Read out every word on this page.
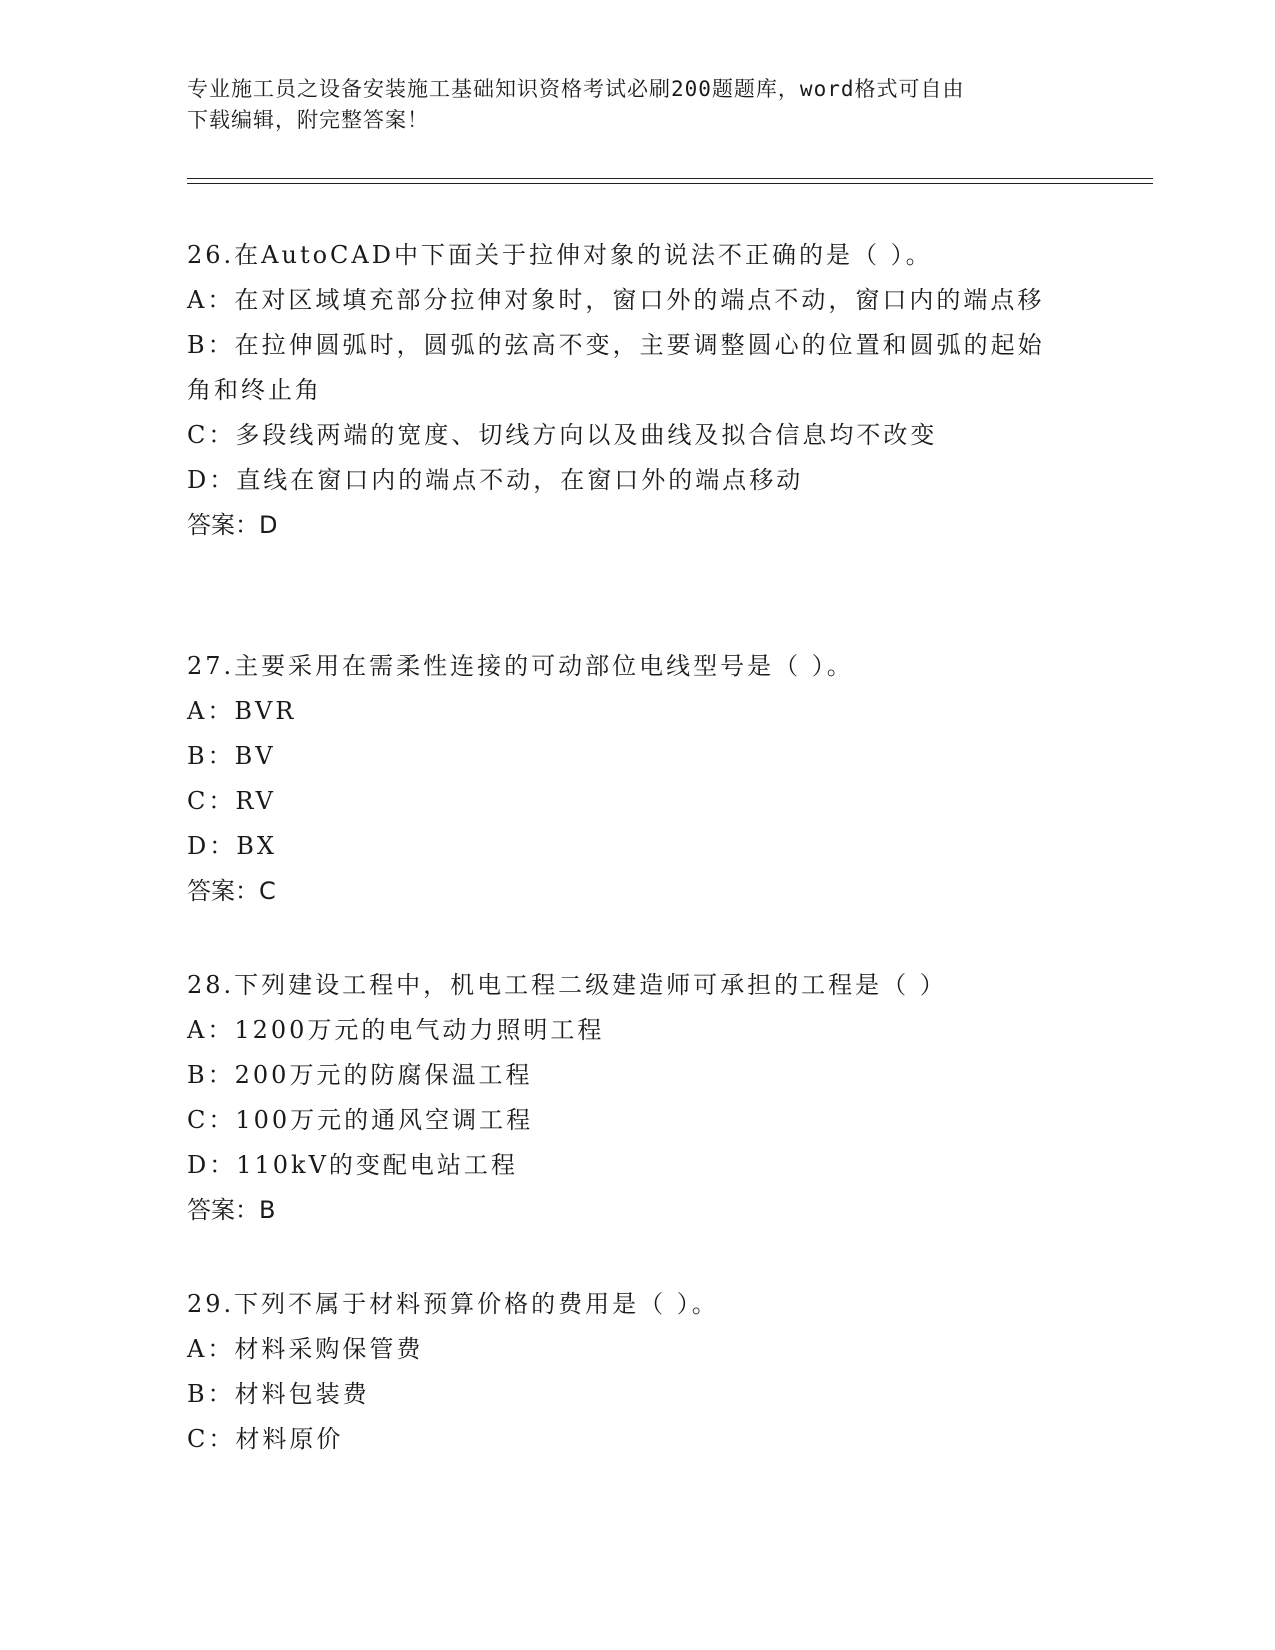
专业施工员之设备安装施工基础知识资格考试必刷200题题库，word格式可自由
下载编辑，附完整答案！
26.在AutoCAD中下面关于拉伸对象的说法不正确的是（ ）。
A：在对区域填充部分拉伸对象时，窗口外的端点不动，窗口内的端点移
B：在拉伸圆弧时，圆弧的弦高不变，主要调整圆心的位置和圆弧的起始角和终止角
C：多段线两端的宽度、切线方向以及曲线及拟合信息均不改变
D：直线在窗口内的端点不动，在窗口外的端点移动
答案：D
27.主要采用在需柔性连接的可动部位电线型号是（ ）。
A：BVR
B：BV
C：RV
D：BX
答案：C
28.下列建设工程中，机电工程二级建造师可承担的工程是（ ）
A：1200万元的电气动力照明工程
B：200万元的防腐保温工程
C：100万元的通风空调工程
D：110kV的变配电站工程
答案：B
29.下列不属于材料预算价格的费用是（ ）。
A：材料采购保管费
B：材料包装费
C：材料原价
